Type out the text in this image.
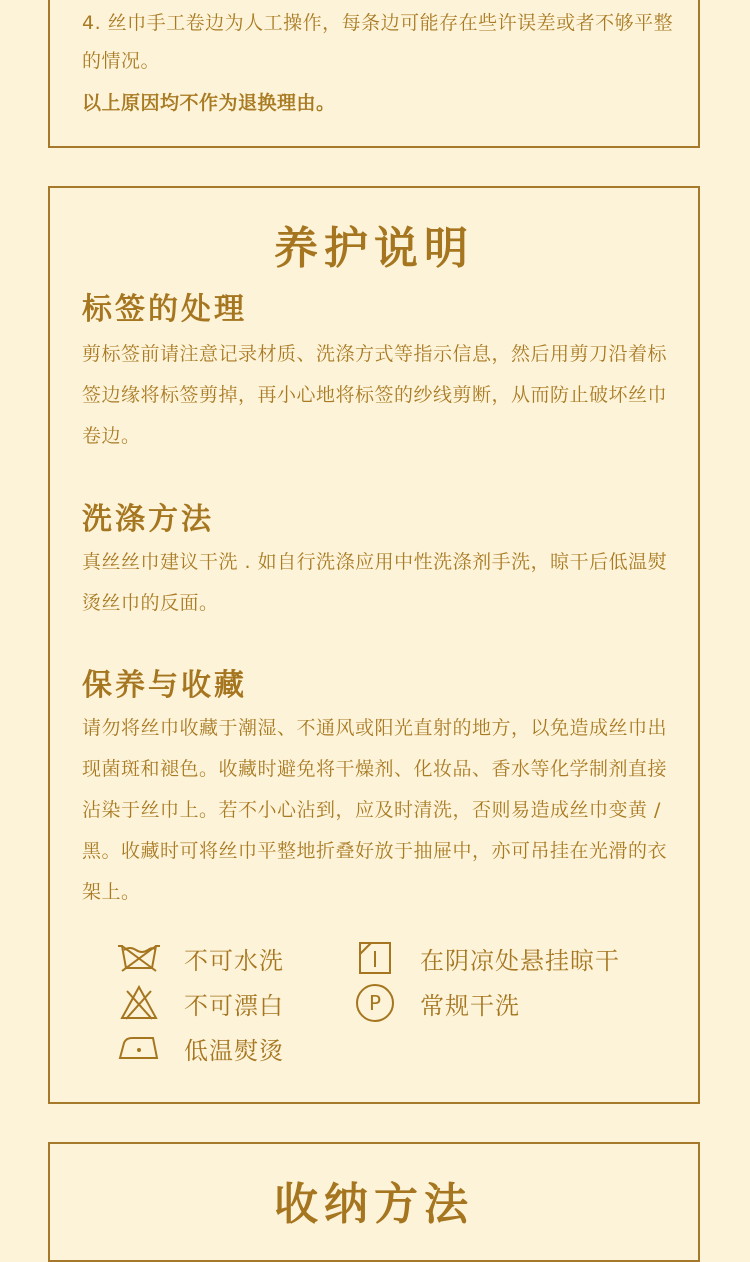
4. 丝巾手工卷边为人工操作，每条边可能存在些许误差或者不够平整的情况。
以上原因均不作为退换理由。
养护说明
标签的处理
剪标签前请注意记录材质、洗涤方式等指示信息，然后用剪刀沿着标签边缘将标签剪掉，再小心地将标签的纱线剪断，从而防止破坏丝巾卷边。
洗涤方法
真丝丝巾建议干洗 . 如自行洗涤应用中性洗涤剂手洗，晾干后低温熨烫丝巾的反面。
保养与收藏
请勿将丝巾收藏于潮湿、不通风或阳光直射的地方，以免造成丝巾出现菌斑和褪色。收藏时避免将干燥剂、化妆品、香水等化学制剂直接沾染于丝巾上。若不小心沾到，应及时清洗，否则易造成丝巾变黄 / 黑。收藏时可将丝巾平整地折叠好放于抽屉中，亦可吊挂在光滑的衣架上。
不可水洗	在阴凉处悬挂晾干
不可漂白	P 常规干洗
低温熨烫
收纳方法
